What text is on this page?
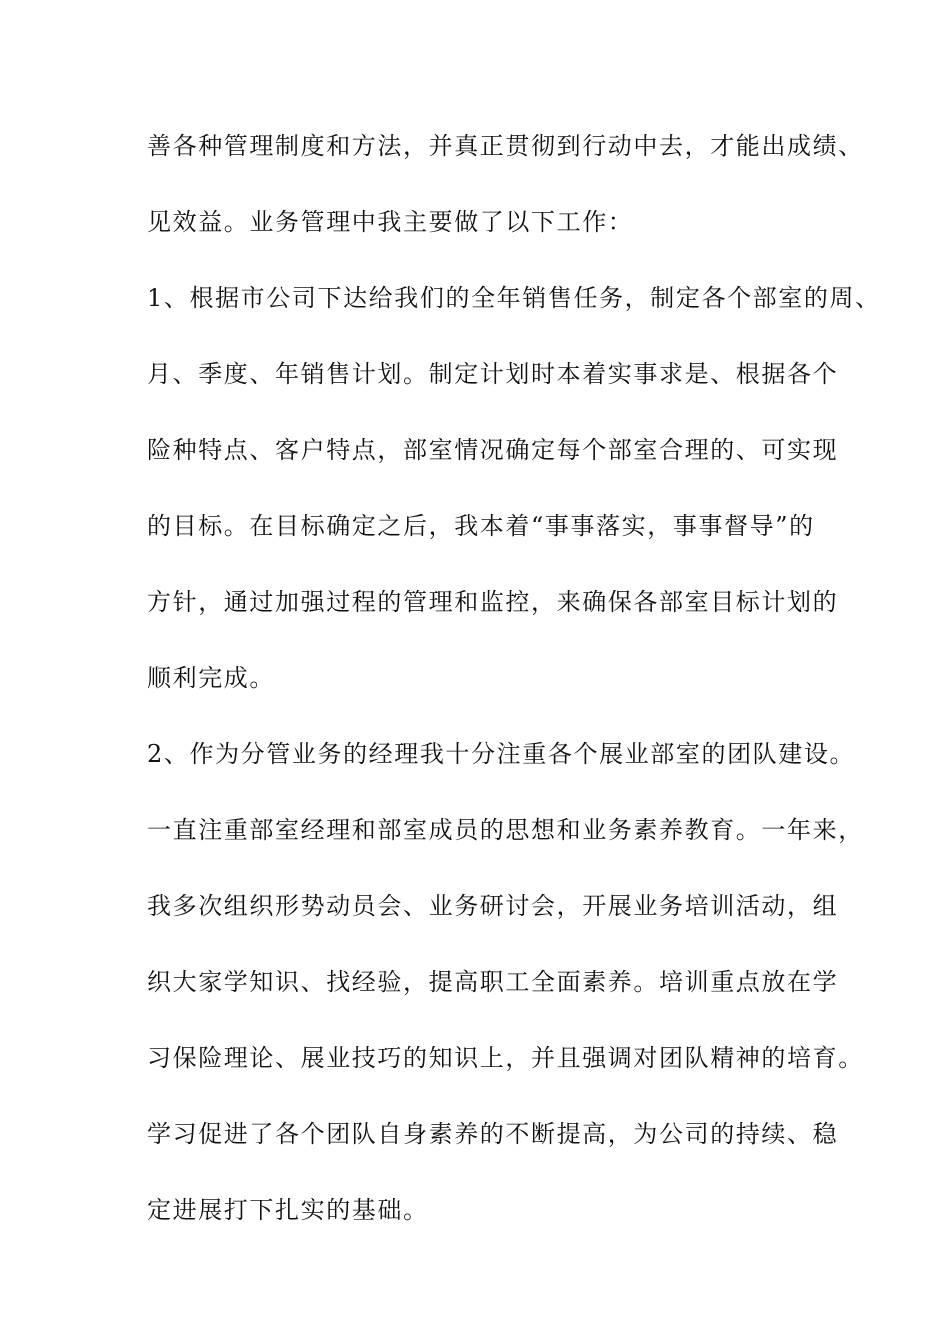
善各种管理制度和方法，并真正贯彻到行动中去，才能出成绩、
见效益。业务管理中我主要做了以下工作：
1、根据市公司下达给我们的全年销售任务，制定各个部室的周、
月、季度、年销售计划。制定计划时本着实事求是、根据各个
险种特点、客户特点，部室情况确定每个部室合理的、可实现
的目标。在目标确定之后，我本着“事事落实，事事督导”的
方针，通过加强过程的管理和监控，来确保各部室目标计划的
顺利完成。
2、作为分管业务的经理我十分注重各个展业部室的团队建设。
一直注重部室经理和部室成员的思想和业务素养教育。一年来，
我多次组织形势动员会、业务研讨会，开展业务培训活动，组
织大家学知识、找经验，提高职工全面素养。培训重点放在学
习保险理论、展业技巧的知识上，并且强调对团队精神的培育。
学习促进了各个团队自身素养的不断提高，为公司的持续、稳
定进展打下扎实的基础。
